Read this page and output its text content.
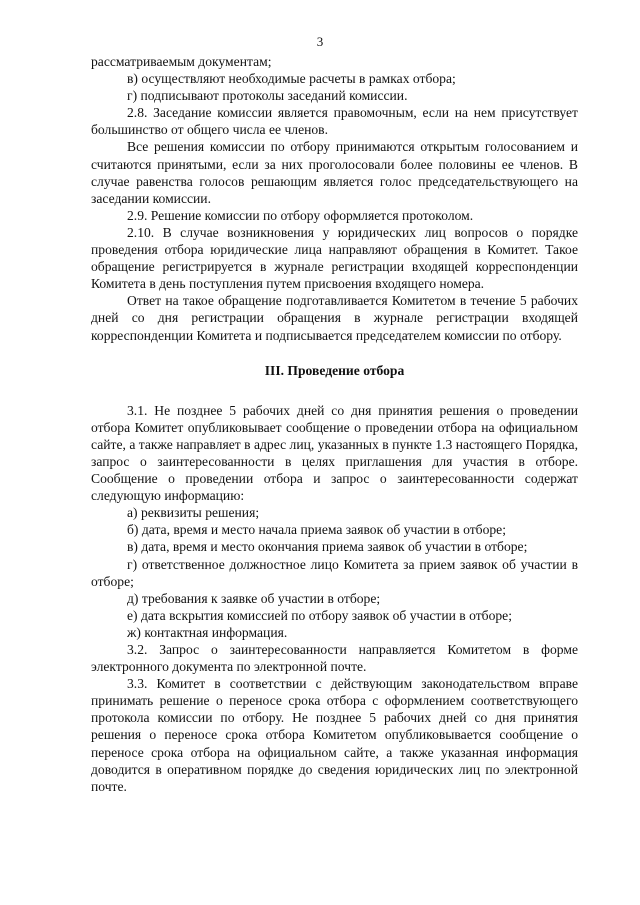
3

рассматриваемым документам;

в) осуществляют необходимые расчеты в рамках отбора;

г) подписывают протоколы заседаний комиссии.

2.8. Заседание комиссии является правомочным, если на нем присутствует большинство от общего числа ее членов.

Все решения комиссии по отбору принимаются открытым голосованием и считаются принятыми, если за них проголосовали более половины ее членов. В случае равенства голосов решающим является голос председательствующего на заседании комиссии.

2.9. Решение комиссии по отбору оформляется протоколом.

2.10. В случае возникновения у юридических лиц вопросов о порядке проведения отбора юридические лица направляют обращения в Комитет. Такое обращение регистрируется в журнале регистрации входящей корреспонденции Комитета в день поступления путем присвоения входящего номера.

Ответ на такое обращение подготавливается Комитетом в течение 5 рабочих дней со дня регистрации обращения в журнале регистрации входящей корреспонденции Комитета и подписывается председателем комиссии по отбору.

III. Проведение отбора

3.1. Не позднее 5 рабочих дней со дня принятия решения о проведении отбора Комитет опубликовывает сообщение о проведении отбора на официальном сайте, а также направляет в адрес лиц, указанных в пункте 1.3 настоящего Порядка, запрос о заинтересованности в целях приглашения для участия в отборе. Сообщение о проведении отбора и запрос о заинтересованности содержат следующую информацию:

а) реквизиты решения;

б) дата, время и место начала приема заявок об участии в отборе;

в) дата, время и место окончания приема заявок об участии в отборе;

г) ответственное должностное лицо Комитета за прием заявок об участии в отборе;

д) требования к заявке об участии в отборе;

е) дата вскрытия комиссией по отбору заявок об участии в отборе;

ж) контактная информация.

3.2. Запрос о заинтересованности направляется Комитетом в форме электронного документа по электронной почте.

3.3. Комитет в соответствии с действующим законодательством вправе принимать решение о переносе срока отбора с оформлением соответствующего протокола комиссии по отбору. Не позднее 5 рабочих дней со дня принятия решения о переносе срока отбора Комитетом опубликовывается сообщение о переносе срока отбора на официальном сайте, а также указанная информация доводится в оперативном порядке до сведения юридических лиц по электронной почте.
